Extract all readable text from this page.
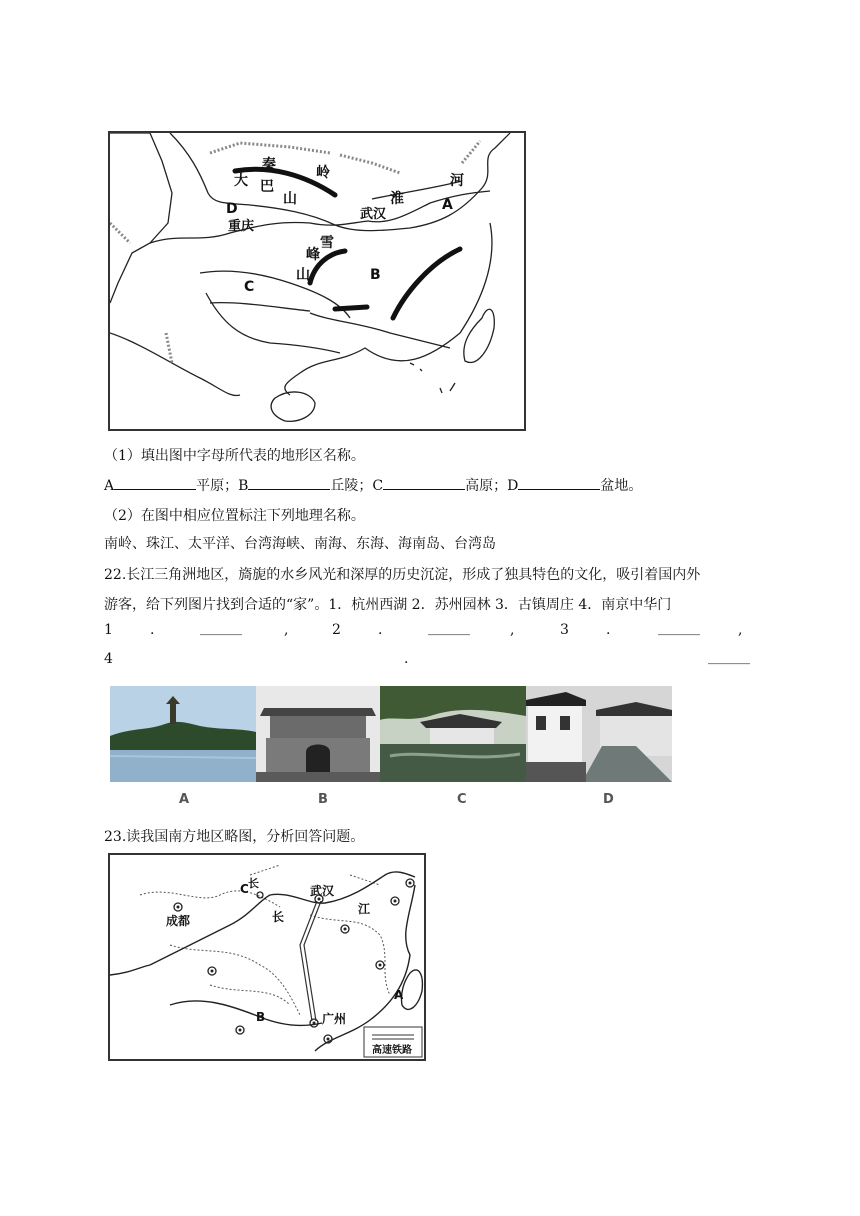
秦	岭
大 巴
山
D
重庆
武汉
淮
河
A
雪
峰
山	B
C
（1）填出图中字母所代表的地形区名称。
A	平原；B	丘陵；C	高原；D	盆地。
（2）在图中相应位置标注下列地理名称。
南岭、珠江、太平洋、台湾海峡、南海、东海、海南岛、台湾岛
22.长江三角洲地区，旖旎的水乡风光和深厚的历史沉淀，形成了独具特色的文化，吸引着国内外
游客，给下列图片找到合适的“家”。1．杭州西湖 2．苏州园林 3．古镇周庄 4．南京中华门
1	.	______	,	2	.	______	,	3	.	______	,
4	.	______
A	B	C	D
23.读我国南方地区略图，分析回答问题。
C 长
成都
武汉
长
江
A
B	广州
高速铁路
